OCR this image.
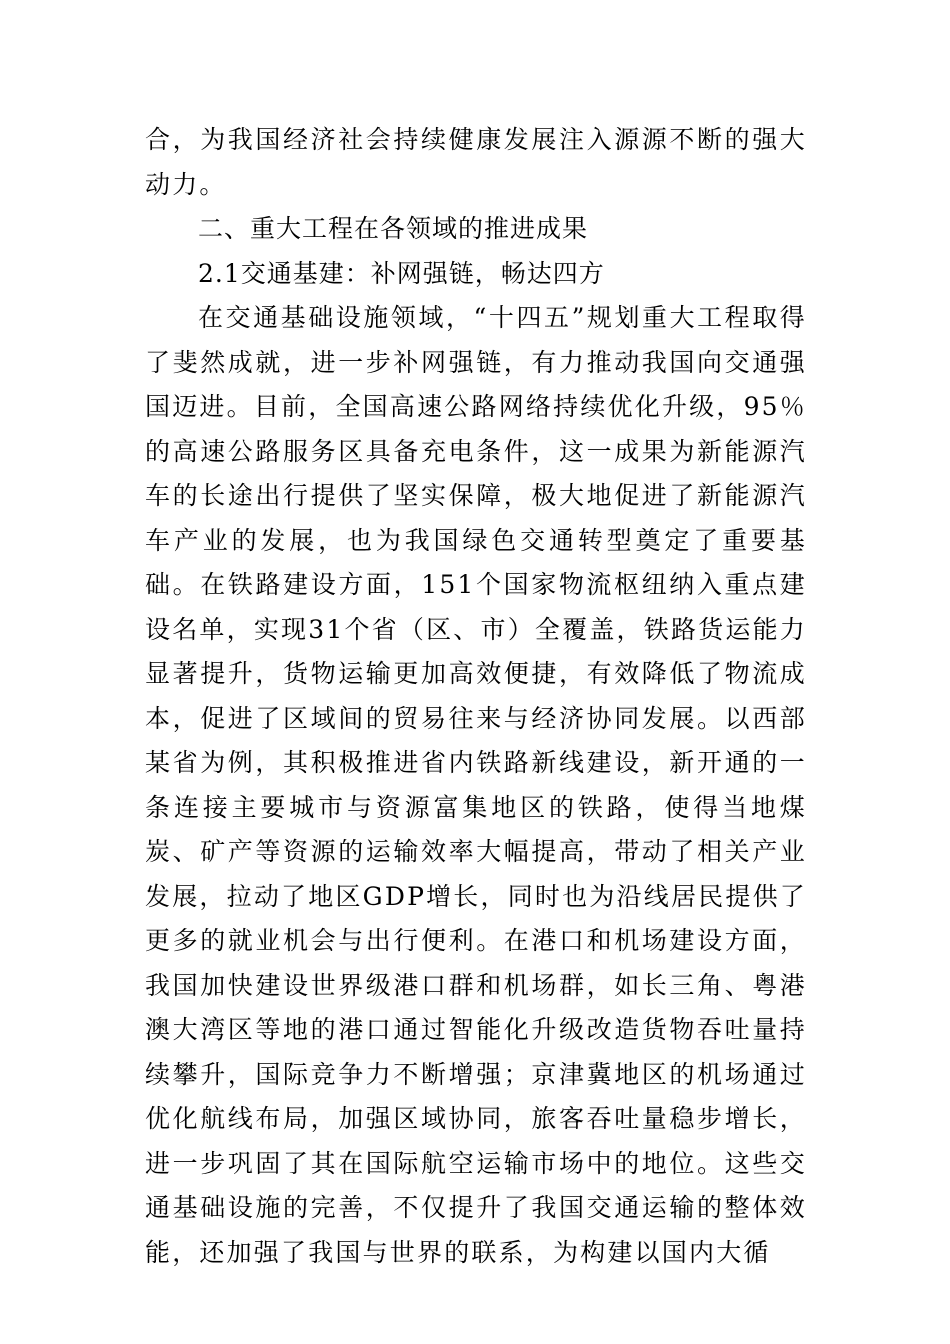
合，为我国经济社会持续健康发展注入源源不断的强大动力。

二、重大工程在各领域的推进成果

2.1交通基建：补网强链，畅达四方

在交通基础设施领域，“十四五”规划重大工程取得了斐然成就，进一步补网强链，有力推动我国向交通强国迈进。目前，全国高速公路网络持续优化升级，95％的高速公路服务区具备充电条件，这一成果为新能源汽车的长途出行提供了坚实保障，极大地促进了新能源汽车产业的发展，也为我国绿色交通转型奠定了重要基础。在铁路建设方面，151个国家物流枢纽纳入重点建设名单，实现31个省（区、市）全覆盖，铁路货运能力显著提升，货物运输更加高效便捷，有效降低了物流成本，促进了区域间的贸易往来与经济协同发展。以西部某省为例，其积极推进省内铁路新线建设，新开通的一条连接主要城市与资源富集地区的铁路，使得当地煤炭、矿产等资源的运输效率大幅提高，带动了相关产业发展，拉动了地区GDP增长，同时也为沿线居民提供了更多的就业机会与出行便利。在港口和机场建设方面，我国加快建设世界级港口群和机场群，如长三角、粤港澳大湾区等地的港口通过智能化升级改造货物吞吐量持续攀升，国际竞争力不断增强；京津冀地区的机场通过优化航线布局，加强区域协同，旅客吞吐量稳步增长，进一步巩固了其在国际航空运输市场中的地位。这些交通基础设施的完善，不仅提升了我国交通运输的整体效能，还加强了我国与世界的联系，为构建以国内大循
